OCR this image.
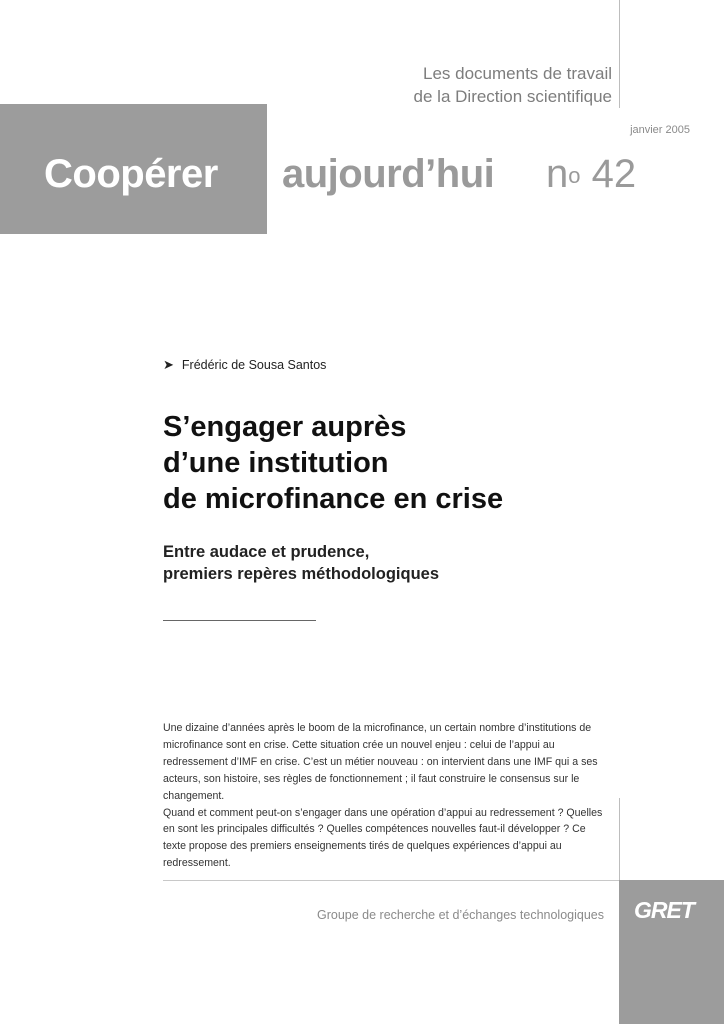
Les documents de travail
de la Direction scientifique
janvier 2005
Coopérer aujourd’hui $n^o$ 42
➤ Frédéric de Sousa Santos
S’engager auprès
d’une institution
de microfinance en crise
Entre audace et prudence,
premiers repères méthodologiques

Une dizaine d’années après le boom de la microfinance, un certain nombre d’institutions de microfinance sont en crise. Cette situation crée un nouvel enjeu : celui de l’appui au redressement d’IMF en crise. C’est un métier nouveau : on intervient dans une IMF qui a ses acteurs, son histoire, ses règles de fonctionnement ; il faut construire le consensus sur le changement.

Quand et comment peut-on s’engager dans une opération d’appui au redressement ? Quelles en sont les principales difficultés ? Quelles compétences nouvelles faut-il développer ? Ce texte propose des premiers enseignements tirés de quelques expériences d’appui au redressement.

Groupe de recherche et d’échanges technologiques GRET
